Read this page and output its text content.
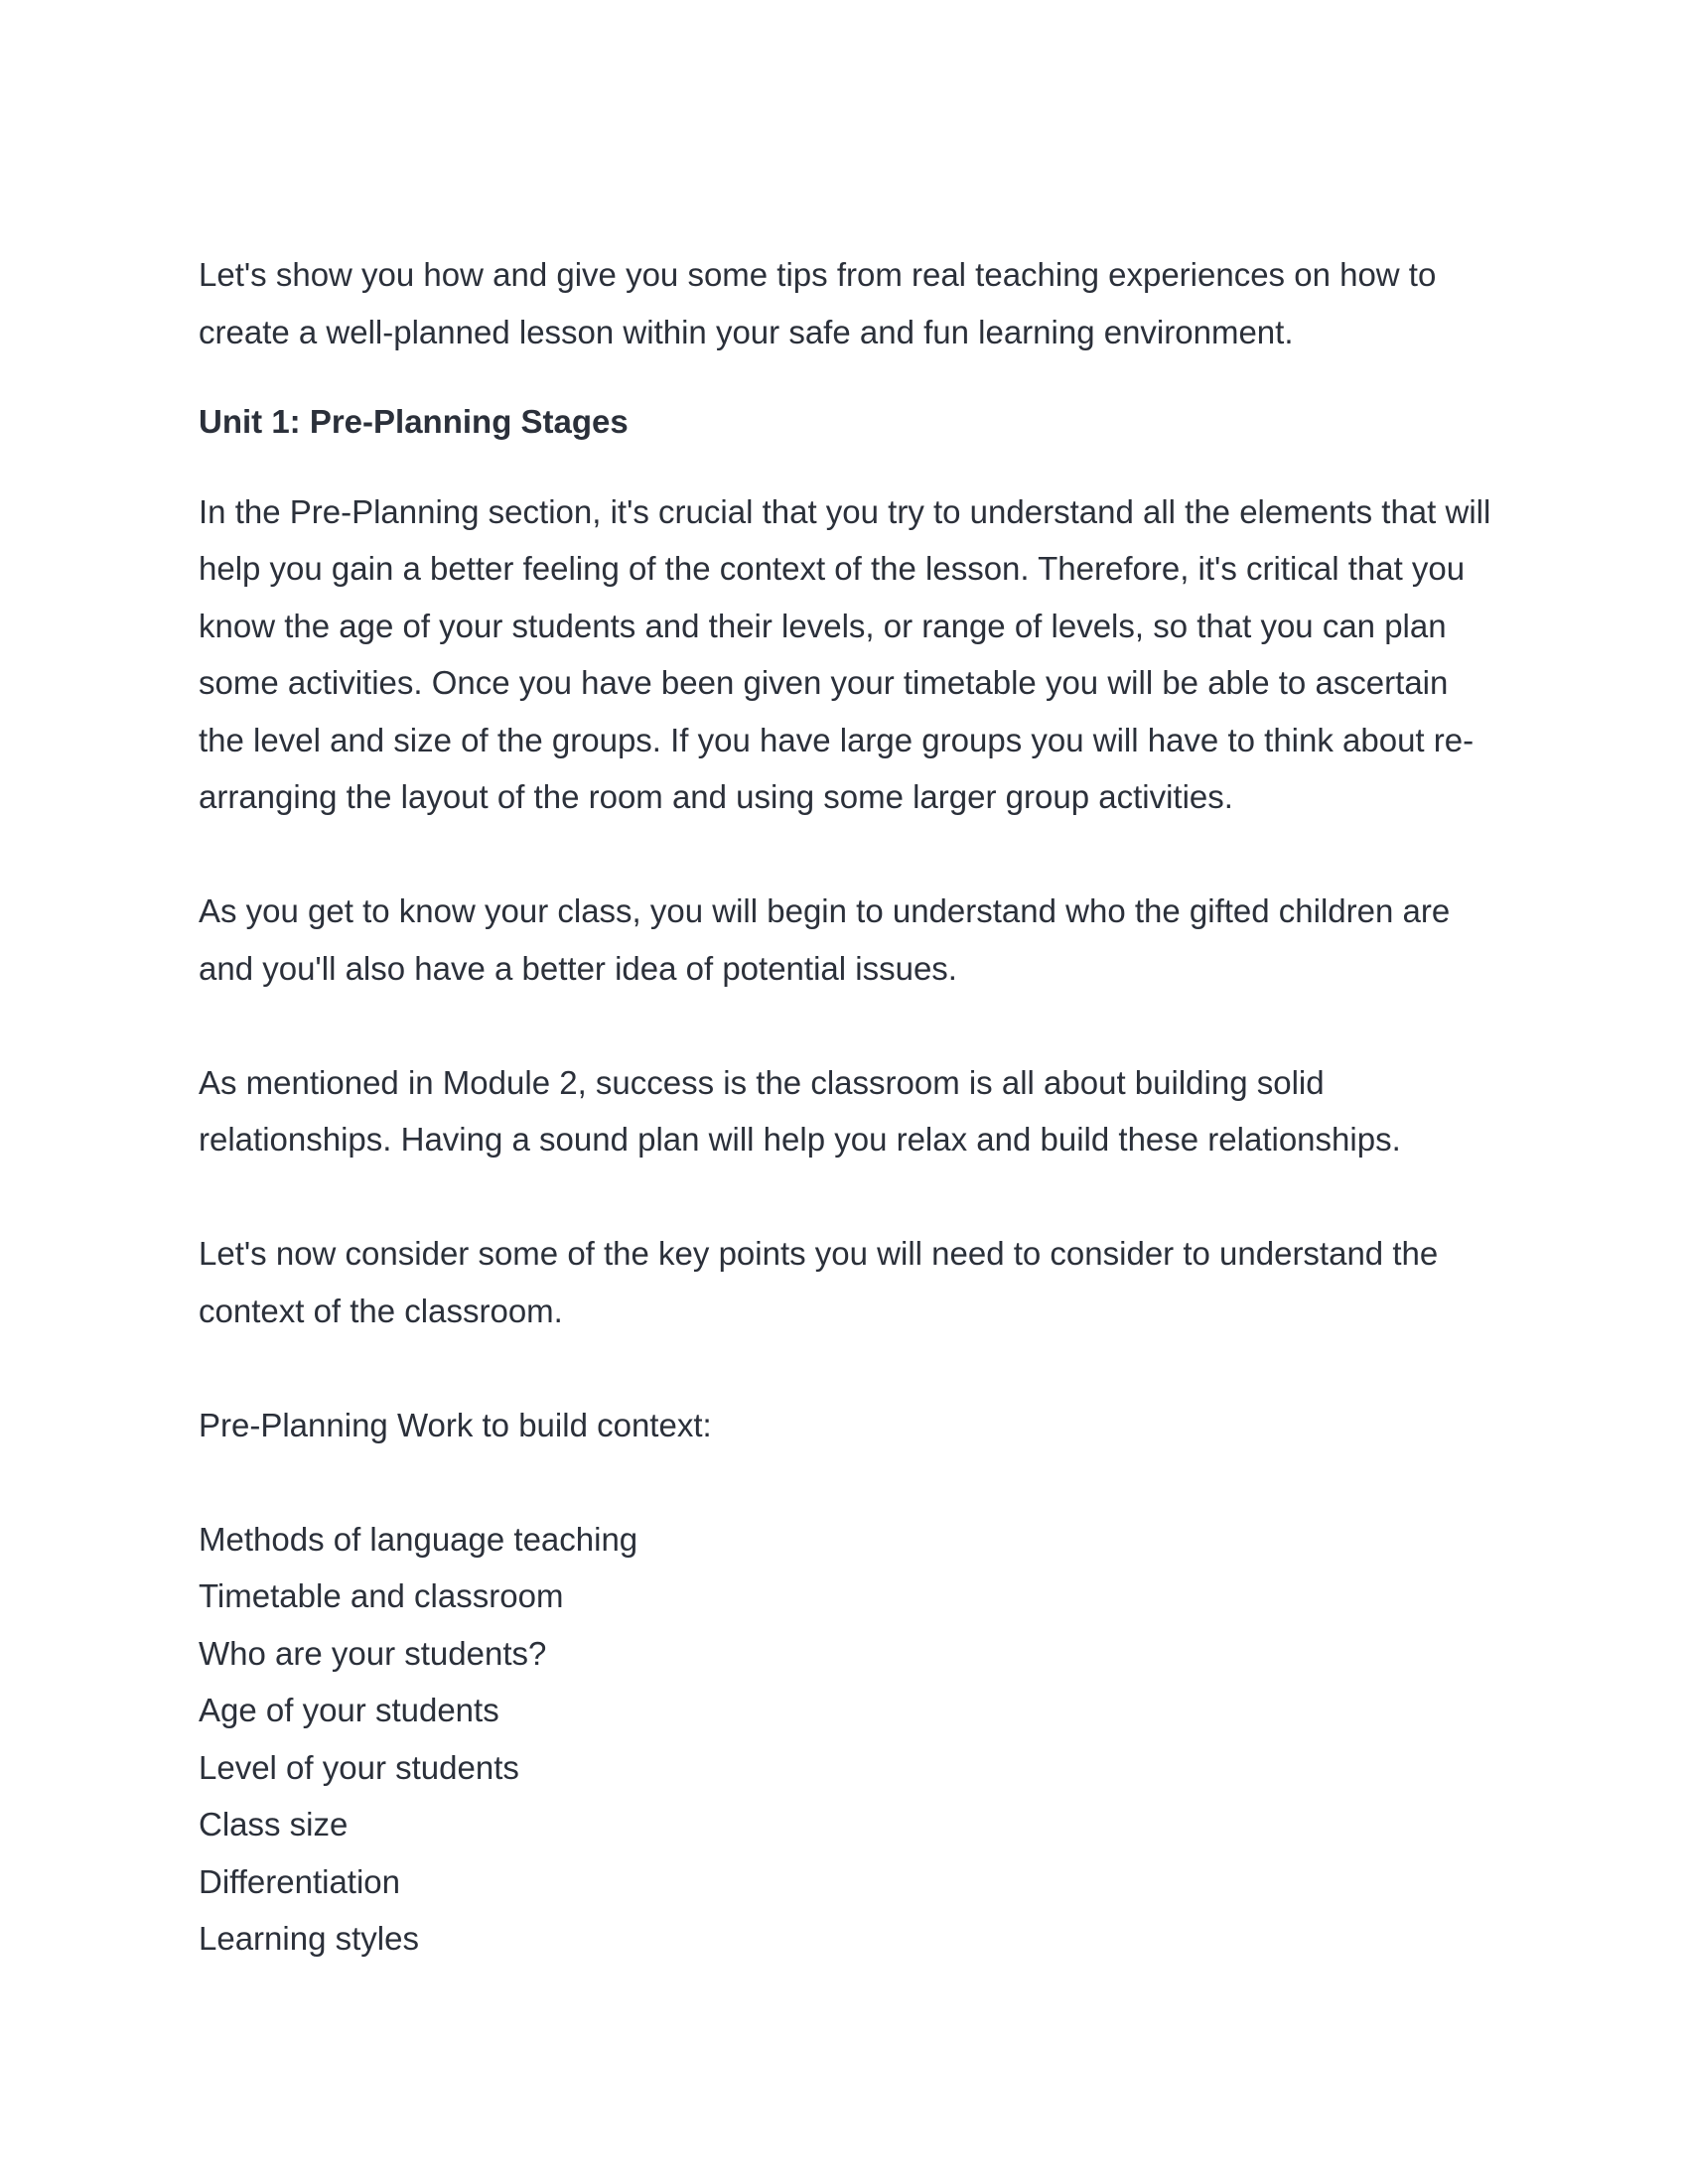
Let's show you how and give you some tips from real teaching experiences on how to create a well-planned lesson within your safe and fun learning environment.

Unit 1: Pre-Planning Stages

In the Pre-Planning section, it's crucial that you try to understand all the elements that will help you gain a better feeling of the context of the lesson. Therefore, it's critical that you know the age of your students and their levels, or range of levels, so that you can plan some activities. Once you have been given your timetable you will be able to ascertain the level and size of the groups. If you have large groups you will have to think about re-arranging the layout of the room and using some larger group activities.

As you get to know your class, you will begin to understand who the gifted children are and you'll also have a better idea of potential issues.

As mentioned in Module 2, success is the classroom is all about building solid relationships. Having a sound plan will help you relax and build these relationships.

Let's now consider some of the key points you will need to consider to understand the context of the classroom.

Pre-Planning Work to build context:

Methods of language teaching
Timetable and classroom
Who are your students?
Age of your students
Level of your students
Class size
Differentiation
Learning styles
